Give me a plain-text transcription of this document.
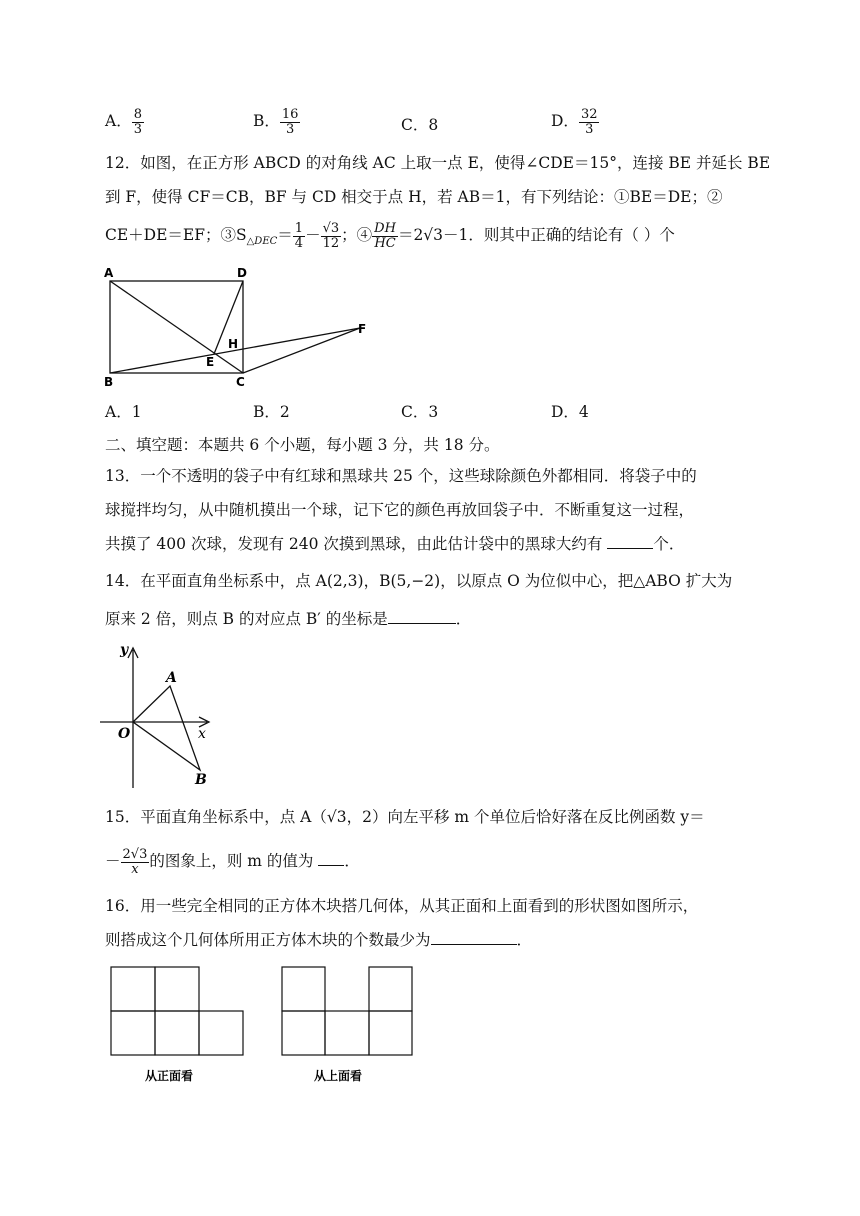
A． $\frac{8}{3}$	B． $\frac{16}{3}$	C．8	D． $\frac{32}{3}$
12．如图，在正方形 ABCD 的对角线 AC 上取一点 E，使得∠CDE＝15°，连接 BE 并延长 BE
到 F，使得 CF＝CB，BF 与 CD 相交于点 H，若 AB＝1，有下列结论：①BE＝DE；②
CE＋DE＝EF；$③S_{\triangle DEC}= \frac{1}{4} - \frac{√3}{12}$ ；④ $\frac{DH}{HC} =2√3-1$．则其中正确的结论有（ ）个
A	D
B	C
E
H
F
A．1	B．2	C．3	D．4
二、填空题：本题共 6 个小题，每小题 3 分，共 18 分。
13．一个不透明的袋子中有红球和黑球共 25 个，这些球除颜色外都相同．将袋子中的
球搅拌均匀，从中随机摸出一个球，记下它的颜色再放回袋子中．不断重复这一过程，
共摸了 400 次球，发现有 240 次摸到黑球，由此估计袋中的黑球大约有	个．
14．在平面直角坐标系中，点 A(2,3)，B(5,−2)，以原点 O 为位似中心，把△ABO 扩大为
原来 2 倍，则点 B 的对应点 B′ 的坐标是	．
y
x
O
A
B
15．平面直角坐标系中，点 A（√3，2）向左平移 m 个单位后恰好落在反比例函数 y＝
－ $\frac{2√3}{x}$ 的图象上，则 m 的值为 ．
16．用一些完全相同的正方体木块搭几何体，从其正面和上面看到的形状图如图所示，
则搭成这个几何体所用正方体木块的个数最少为	．
从正面看	从上面看
